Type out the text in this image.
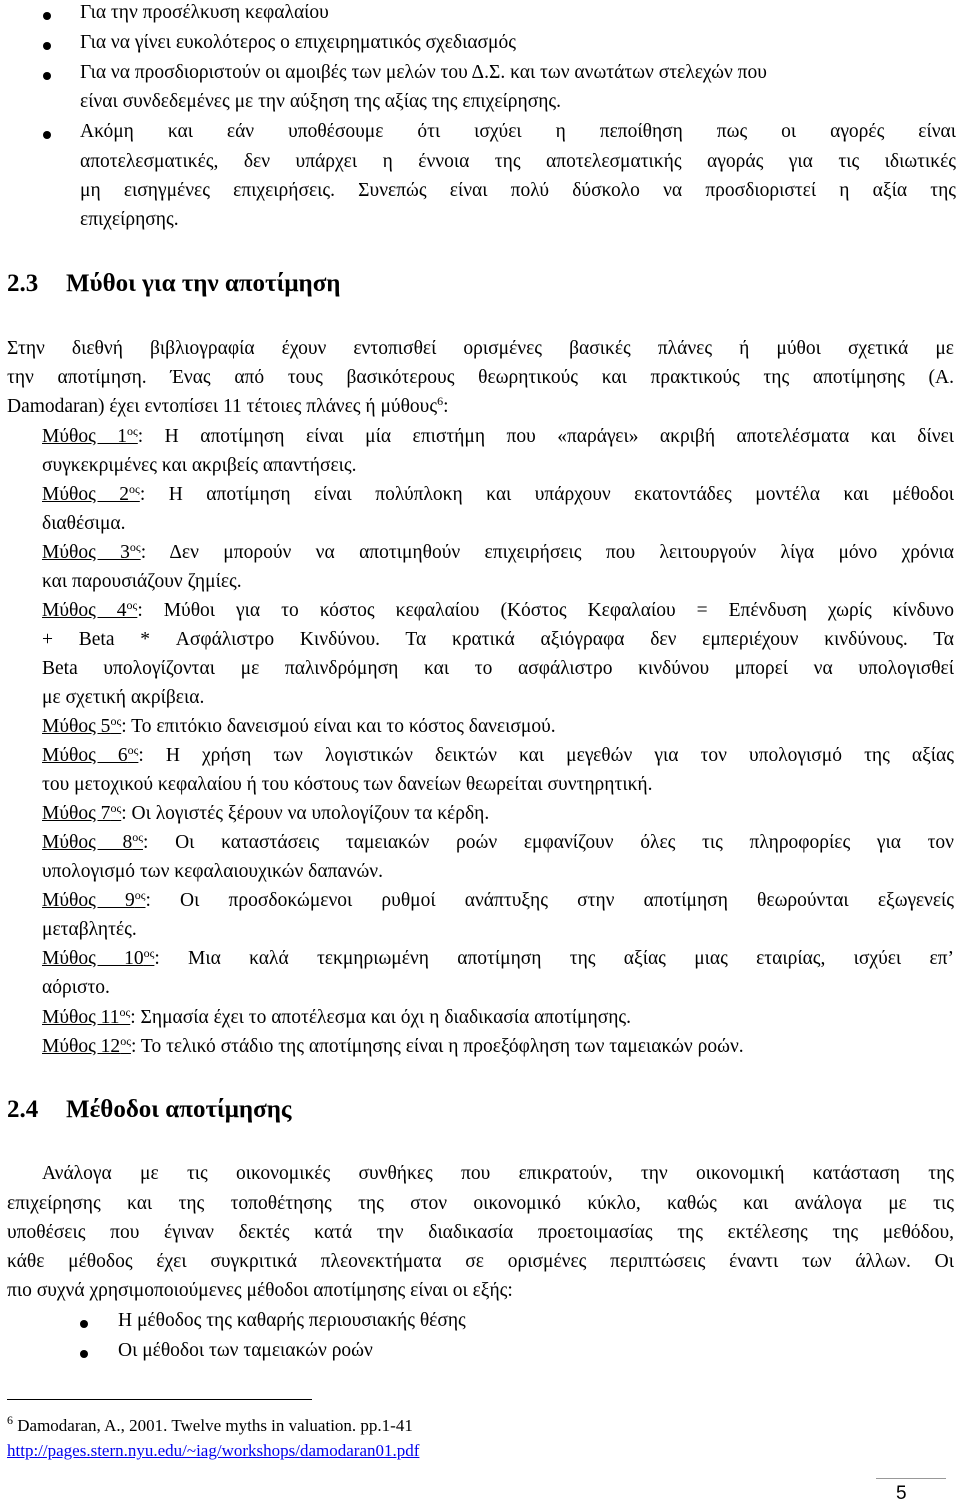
Για την προσέλκυση κεφαλαίου
Για να γίνει ευκολότερος ο επιχειρηματικός σχεδιασμός
Για να προσδιοριστούν οι αμοιβές των μελών του Δ.Σ. και των ανωτάτων στελεχών που
είναι συνδεδεμένες με την αύξηση της αξίας της επιχείρησης.
Ακόμη και εάν υποθέσουμε ότι ισχύει η πεποίθηση πως οι αγορές είναι
αποτελεσματικές, δεν υπάρχει η έννοια της αποτελεσματικής αγοράς για τις ιδιωτικές
μη εισηγμένες επιχειρήσεις. Συνεπώς είναι πολύ δύσκολο να προσδιοριστεί η αξία της
επιχείρησης.
2.3 Μύθοι για την αποτίμηση
Στην διεθνή βιβλιογραφία έχουν εντοπισθεί ορισμένες βασικές πλάνες ή μύθοι σχετικά με
την αποτίμηση. Ένας από τους βασικότερους θεωρητικούς και πρακτικούς της αποτίμησης (Α.
Damodaran) έχει εντοπίσει 11 τέτοιες πλάνες ή μύθους$^6$:
Μύθος $1^{o\varsigma}$: Η αποτίμηση είναι μία επιστήμη που «παράγει» ακριβή αποτελέσματα και δίνει
συγκεκριμένες και ακριβείς απαντήσεις.
Μύθος $2^{o\varsigma}$: Η αποτίμηση είναι πολύπλοκη και υπάρχουν εκατοντάδες μοντέλα και μέθοδοι
διαθέσιμα.
Μύθος $3^{o\varsigma}$: Δεν μπορούν να αποτιμηθούν επιχειρήσεις που λειτουργούν λίγα μόνο χρόνια
και παρουσιάζουν ζημίες.
Μύθος $4^{o\varsigma}$: Μύθοι για το κόστος κεφαλαίου (Κόστος Κεφαλαίου = Επένδυση χωρίς κίνδυνο
+ Beta * Ασφάλιστρο Κινδύνου. Τα κρατικά αξιόγραφα δεν εμπεριέχουν κινδύνους. Τα
Beta υπολογίζονται με παλινδρόμηση και το ασφάλιστρο κινδύνου μπορεί να υπολογισθεί
με σχετική ακρίβεια.
Μύθος $5^{o\varsigma}$: Το επιτόκιο δανεισμού είναι και το κόστος δανεισμού.
Μύθος $6^{o\varsigma}$: Η χρήση των λογιστικών δεικτών και μεγεθών για τον υπολογισμό της αξίας
του μετοχικού κεφαλαίου ή του κόστους των δανείων θεωρείται συντηρητική.
Μύθος $7^{o\varsigma}$: Οι λογιστές ξέρουν να υπολογίζουν τα κέρδη.
Μύθος $8^{o\varsigma}$: Οι καταστάσεις ταμειακών ροών εμφανίζουν όλες τις πληροφορίες για τον
υπολογισμό των κεφαλαιουχικών δαπανών.
Μύθος $9^{o\varsigma}$: Οι προσδοκώμενοι ρυθμοί ανάπτυξης στην αποτίμηση θεωρούνται εξωγενείς
μεταβλητές.
Μύθος $10^{o\varsigma}$: Μια καλά τεκμηριωμένη αποτίμηση της αξίας μιας εταιρίας, ισχύει επ’
αόριστο.
Μύθος $11^{o\varsigma}$: Σημασία έχει το αποτέλεσμα και όχι η διαδικασία αποτίμησης.
Μύθος $12^{o\varsigma}$: Το τελικό στάδιο της αποτίμησης είναι η προεξόφληση των ταμειακών ροών.
2.4 Μέθοδοι αποτίμησης
Ανάλογα με τις οικονομικές συνθήκες που επικρατούν, την οικονομική κατάσταση της
επιχείρησης και της τοποθέτησης της στον οικονομικό κύκλο, καθώς και ανάλογα με τις
υποθέσεις που έγιναν δεκτές κατά την διαδικασία προετοιμασίας της εκτέλεσης της μεθόδου,
κάθε μέθοδος έχει συγκριτικά πλεονεκτήματα σε ορισμένες περιπτώσεις έναντι των άλλων. Οι
πιο συχνά χρησιμοποιούμενες μέθοδοι αποτίμησης είναι οι εξής:
Η μέθοδος της καθαρής περιουσιακής θέσης
Οι μέθοδοι των ταμειακών ροών
$^6$ Damodaran, A., 2001. Twelve myths in valuation. pp.1-41
http://pages.stern.nyu.edu/~iag/workshops/damodaran01.pdf
5
